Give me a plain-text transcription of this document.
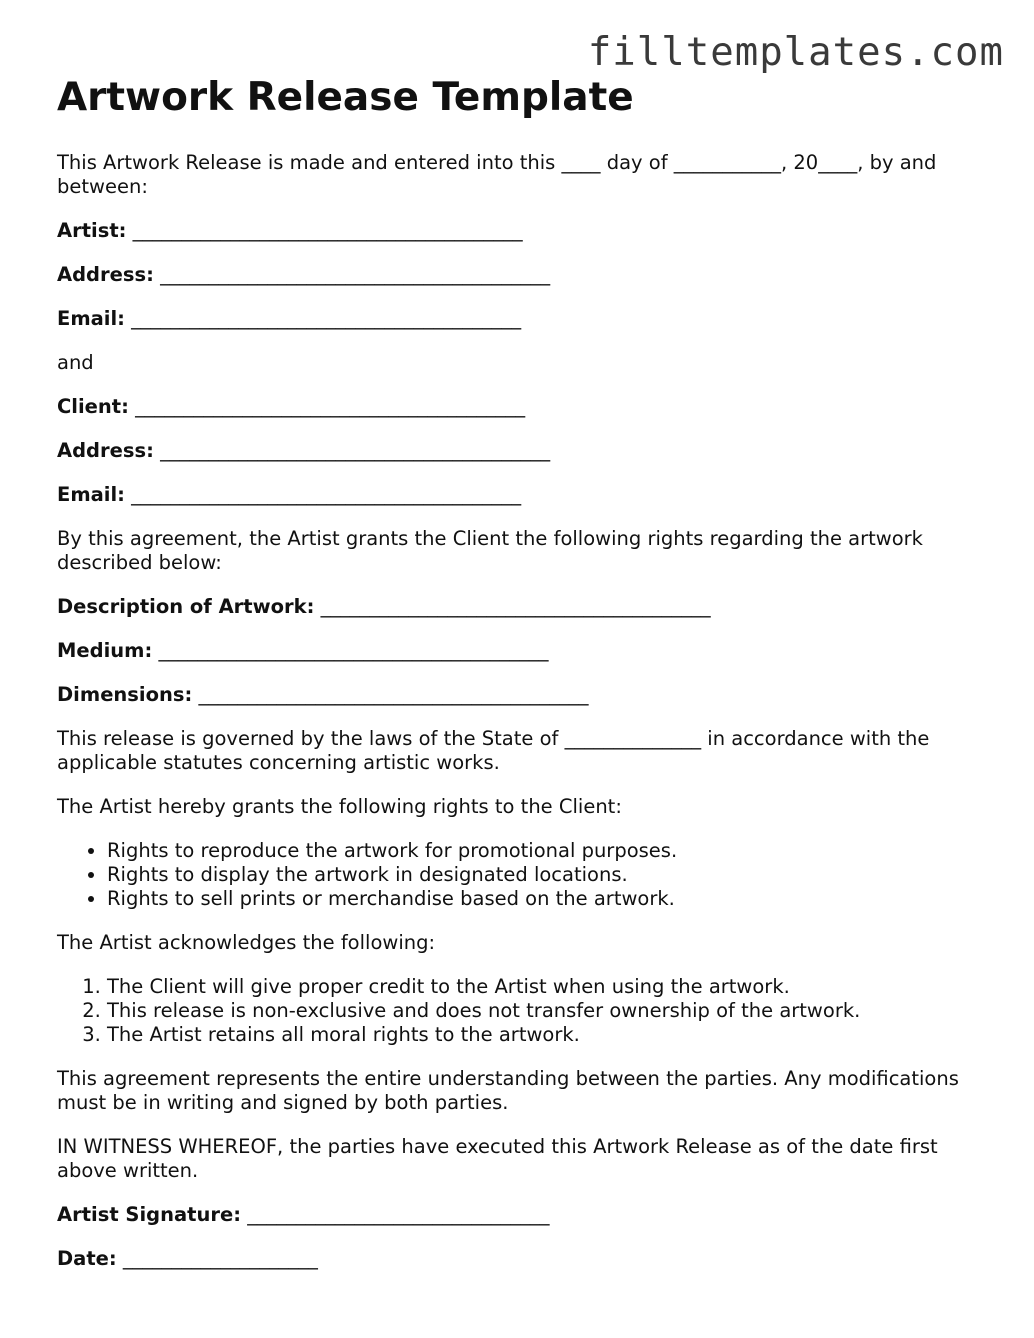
filltemplates.com
Artwork Release Template

This Artwork Release is made and entered into this ____ day of ___________, 20____, by and between:

Artist: ________________________________________

Address: ________________________________________

Email: ________________________________________

and

Client: ________________________________________

Address: ________________________________________

Email: ________________________________________

By this agreement, the Artist grants the Client the following rights regarding the artwork described below:

Description of Artwork: ________________________________________

Medium: ________________________________________

Dimensions: ________________________________________

This release is governed by the laws of the State of ______________ in accordance with the applicable statutes concerning artistic works.

The Artist hereby grants the following rights to the Client:

• Rights to reproduce the artwork for promotional purposes.
• Rights to display the artwork in designated locations.
• Rights to sell prints or merchandise based on the artwork.

The Artist acknowledges the following:

1. The Client will give proper credit to the Artist when using the artwork.
2. This release is non-exclusive and does not transfer ownership of the artwork.
3. The Artist retains all moral rights to the artwork.

This agreement represents the entire understanding between the parties. Any modifications must be in writing and signed by both parties.

IN WITNESS WHEREOF, the parties have executed this Artwork Release as of the date first above written.

Artist Signature: _______________________________

Date: ____________________
